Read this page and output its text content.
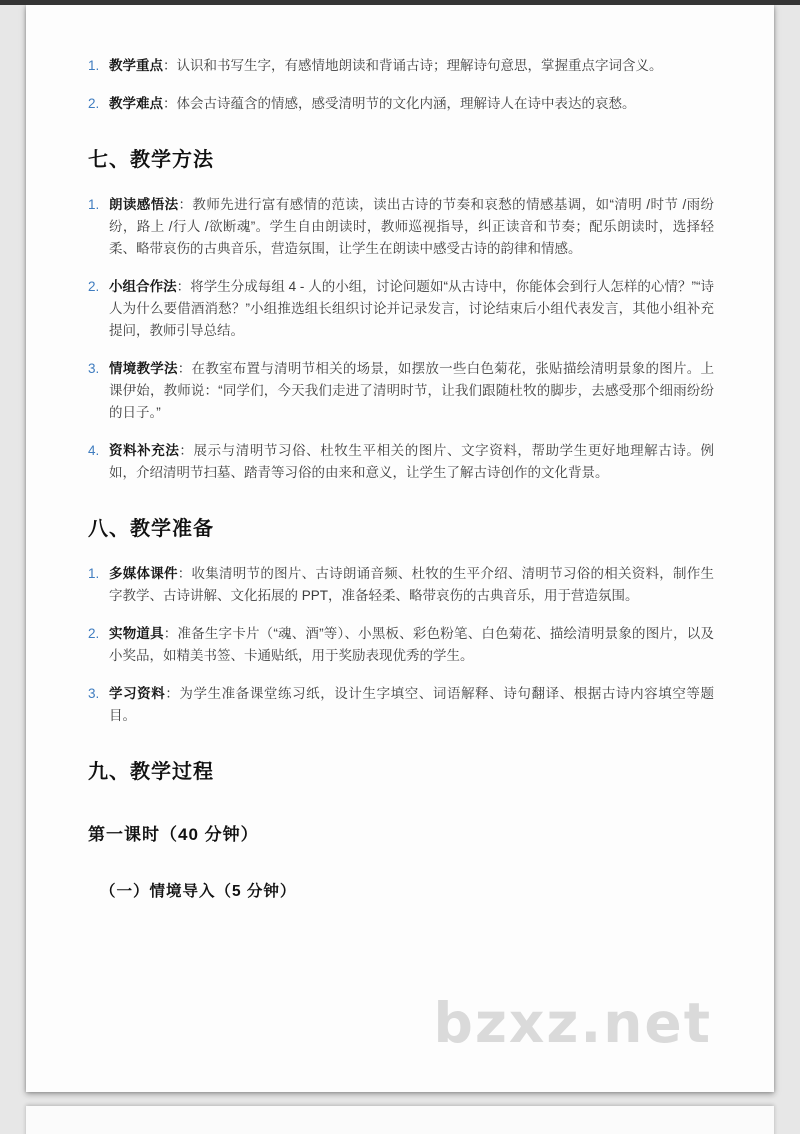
1. 教学重点：认识和书写生字，有感情地朗读和背诵古诗；理解诗句意思，掌握重点字词含义。

2. 教学难点：体会古诗蕴含的情感，感受清明节的文化内涵，理解诗人在诗中表达的哀愁。

七、教学方法
1. 朗读感悟法：教师先进行富有感情的范读，读出古诗的节奏和哀愁的情感基调，如“清明 /时节 /雨纷纷，路上 /行人 /欲断魂”。学生自由朗读时，教师巡视指导，纠正读音和节奏；配乐朗读时，选择轻柔、略带哀伤的古典音乐，营造氛围，让学生在朗读中感受古诗的韵律和情感。

2. 小组合作法：将学生分成每组 4 - 人的小组，讨论问题如“从古诗中，你能体会到行人怎样的心情？”“诗人为什么要借酒消愁？”小组推选组长组织讨论并记录发言，讨论结束后小组代表发言，其他小组补充提问，教师引导总结。

3. 情境教学法：在教室布置与清明节相关的场景，如摆放一些白色菊花，张贴描绘清明景象的图片。上课伊始，教师说：“同学们，今天我们走进了清明时节，让我们跟随杜牧的脚步，去感受那个细雨纷纷的日子。”

4. 资料补充法：展示与清明节习俗、杜牧生平相关的图片、文字资料，帮助学生更好地理解古诗。例如，介绍清明节扫墓、踏青等习俗的由来和意义，让学生了解古诗创作的文化背景。

八、教学准备
1. 多媒体课件：收集清明节的图片、古诗朗诵音频、杜牧的生平介绍、清明节习俗的相关资料，制作生字教学、古诗讲解、文化拓展的 PPT，准备轻柔、略带哀伤的古典音乐，用于营造氛围。

2. 实物道具：准备生字卡片（“魂、酒”等）、小黑板、彩色粉笔、白色菊花、描绘清明景象的图片，以及小奖品，如精美书签、卡通贴纸，用于奖励表现优秀的学生。

3. 学习资料：为学生准备课堂练习纸，设计生字填空、词语解释、诗句翻译、根据古诗内容填空等题目。

九、教学过程
第一课时（40 分钟）
（一）情境导入（5 分钟）
bzxz.net
